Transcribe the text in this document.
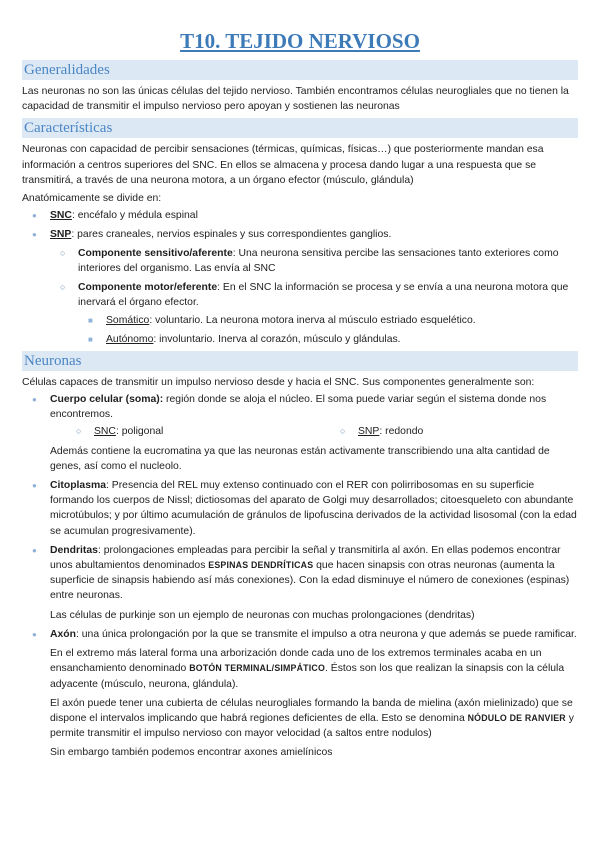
T10. TEJIDO NERVIOSO
Generalidades

Las neuronas no son las únicas células del tejido nervioso. También encontramos células neurogliales que no tienen la capacidad de transmitir el impulso nervioso pero apoyan y sostienen las neuronas

Características

Neuronas con capacidad de percibir sensaciones (térmicas, químicas, físicas…) que posteriormente mandan esa información a centros superiores del SNC. En ellos se almacena y procesa dando lugar a una respuesta que se transmitirá, a través de una neurona motora, a un órgano efector (músculo, glándula)

Anatómicamente se divide en:

● SNC: encéfalo y médula espinal
● SNP: pares craneales, nervios espinales y sus correspondientes ganglios.
○ Componente sensitivo/aferente: Una neurona sensitiva percibe las sensaciones tanto exteriores como interiores del organismo. Las envía al SNC
○ Componente motor/eferente: En el SNC la información se procesa y se envía a una neurona motora que inervará el órgano efector.
■ Somático: voluntario. La neurona motora inerva al músculo estriado esquelético.
■ Autónomo: involuntario. Inerva al corazón, músculo y glándulas.
Neuronas

Células capaces de transmitir un impulso nervioso desde y hacia el SNC. Sus componentes generalmente son:

● Cuerpo celular (soma): región donde se aloja el núcleo. El soma puede variar según el sistema donde nos encontremos.
○ SNC: poligonal
○	SNP: redondo

Además contiene la eucromatina ya que las neuronas están activamente transcribiendo una alta cantidad de genes, así como el nucleolo.

● Citoplasma: Presencia del REL muy extenso continuado con el RER con polirribosomas en su superficie formando los cuerpos de Nissl; dictiosomas del aparato de Golgi muy desarrollados; citoesqueleto con abundante microtúbulos; y por último acumulación de gránulos de lipofuscina derivados de la actividad lisosomal (con la edad se acumulan progresivamente).
● Dendritas: prolongaciones empleadas para percibir la señal y transmitirla al axón. En ellas podemos encontrar unos abultamientos denominados ESPINAS DENDRÍTICAS que hacen sinapsis con otras neuronas (aumenta la superficie de sinapsis habiendo así más conexiones). Con la edad disminuye el número de conexiones (espinas) entre neuronas.

Las células de purkinje son un ejemplo de neuronas con muchas prolongaciones (dendritas)

● Axón: una única prolongación por la que se transmite el impulso a otra neurona y que además se puede ramificar.

En el extremo más lateral forma una arborización donde cada uno de los extremos terminales acaba en un ensanchamiento denominado BOTÓN TERMINAL/SIMPÁTICO. Éstos son los que realizan la sinapsis con la célula adyacente (músculo, neurona, glándula).

El axón puede tener una cubierta de células neurogliales formando la banda de mielina (axón mielinizado) que se dispone el intervalos implicando que habrá regiones deficientes de ella. Esto se denomina NÓDULO DE RANVIER y permite transmitir el impulso nervioso con mayor velocidad (a saltos entre nodulos)

Sin embargo también podemos encontrar axones amielínicos
